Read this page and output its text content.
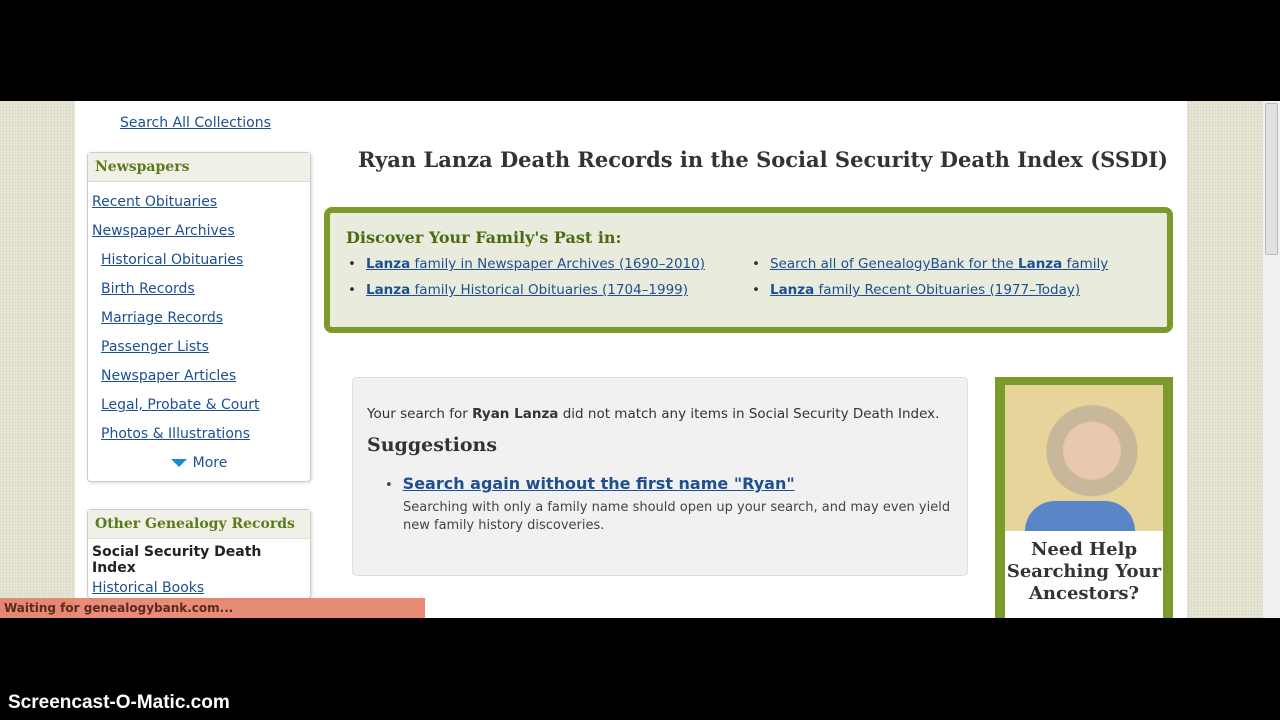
Search All Collections
Newspapers
Recent Obituaries
Newspaper Archives
Historical Obituaries
Birth Records
Marriage Records
Passenger Lists
Newspaper Articles
Legal, Probate & Court
Photos & Illustrations
More
Other Genealogy Records
Social Security Death Index
Historical Books
Ryan Lanza Death Records in the Social Security Death Index (SSDI)
Discover Your Family's Past in:
• Lanza family in Newspaper Archives (1690–2010)	• Search all of GenealogyBank for the Lanza family
• Lanza family Historical Obituaries (1704–1999)	• Lanza family Recent Obituaries (1977–Today)

Your search for Ryan Lanza did not match any items in Social Security Death Index.

Suggestions
• Search again without the first name "Ryan"
Searching with only a family name should open up your search, and may even yield new family history discoveries.
Need Help Searching Your Ancestors?
Waiting for genealogybank.com...
Screencast-O-Matic.com
